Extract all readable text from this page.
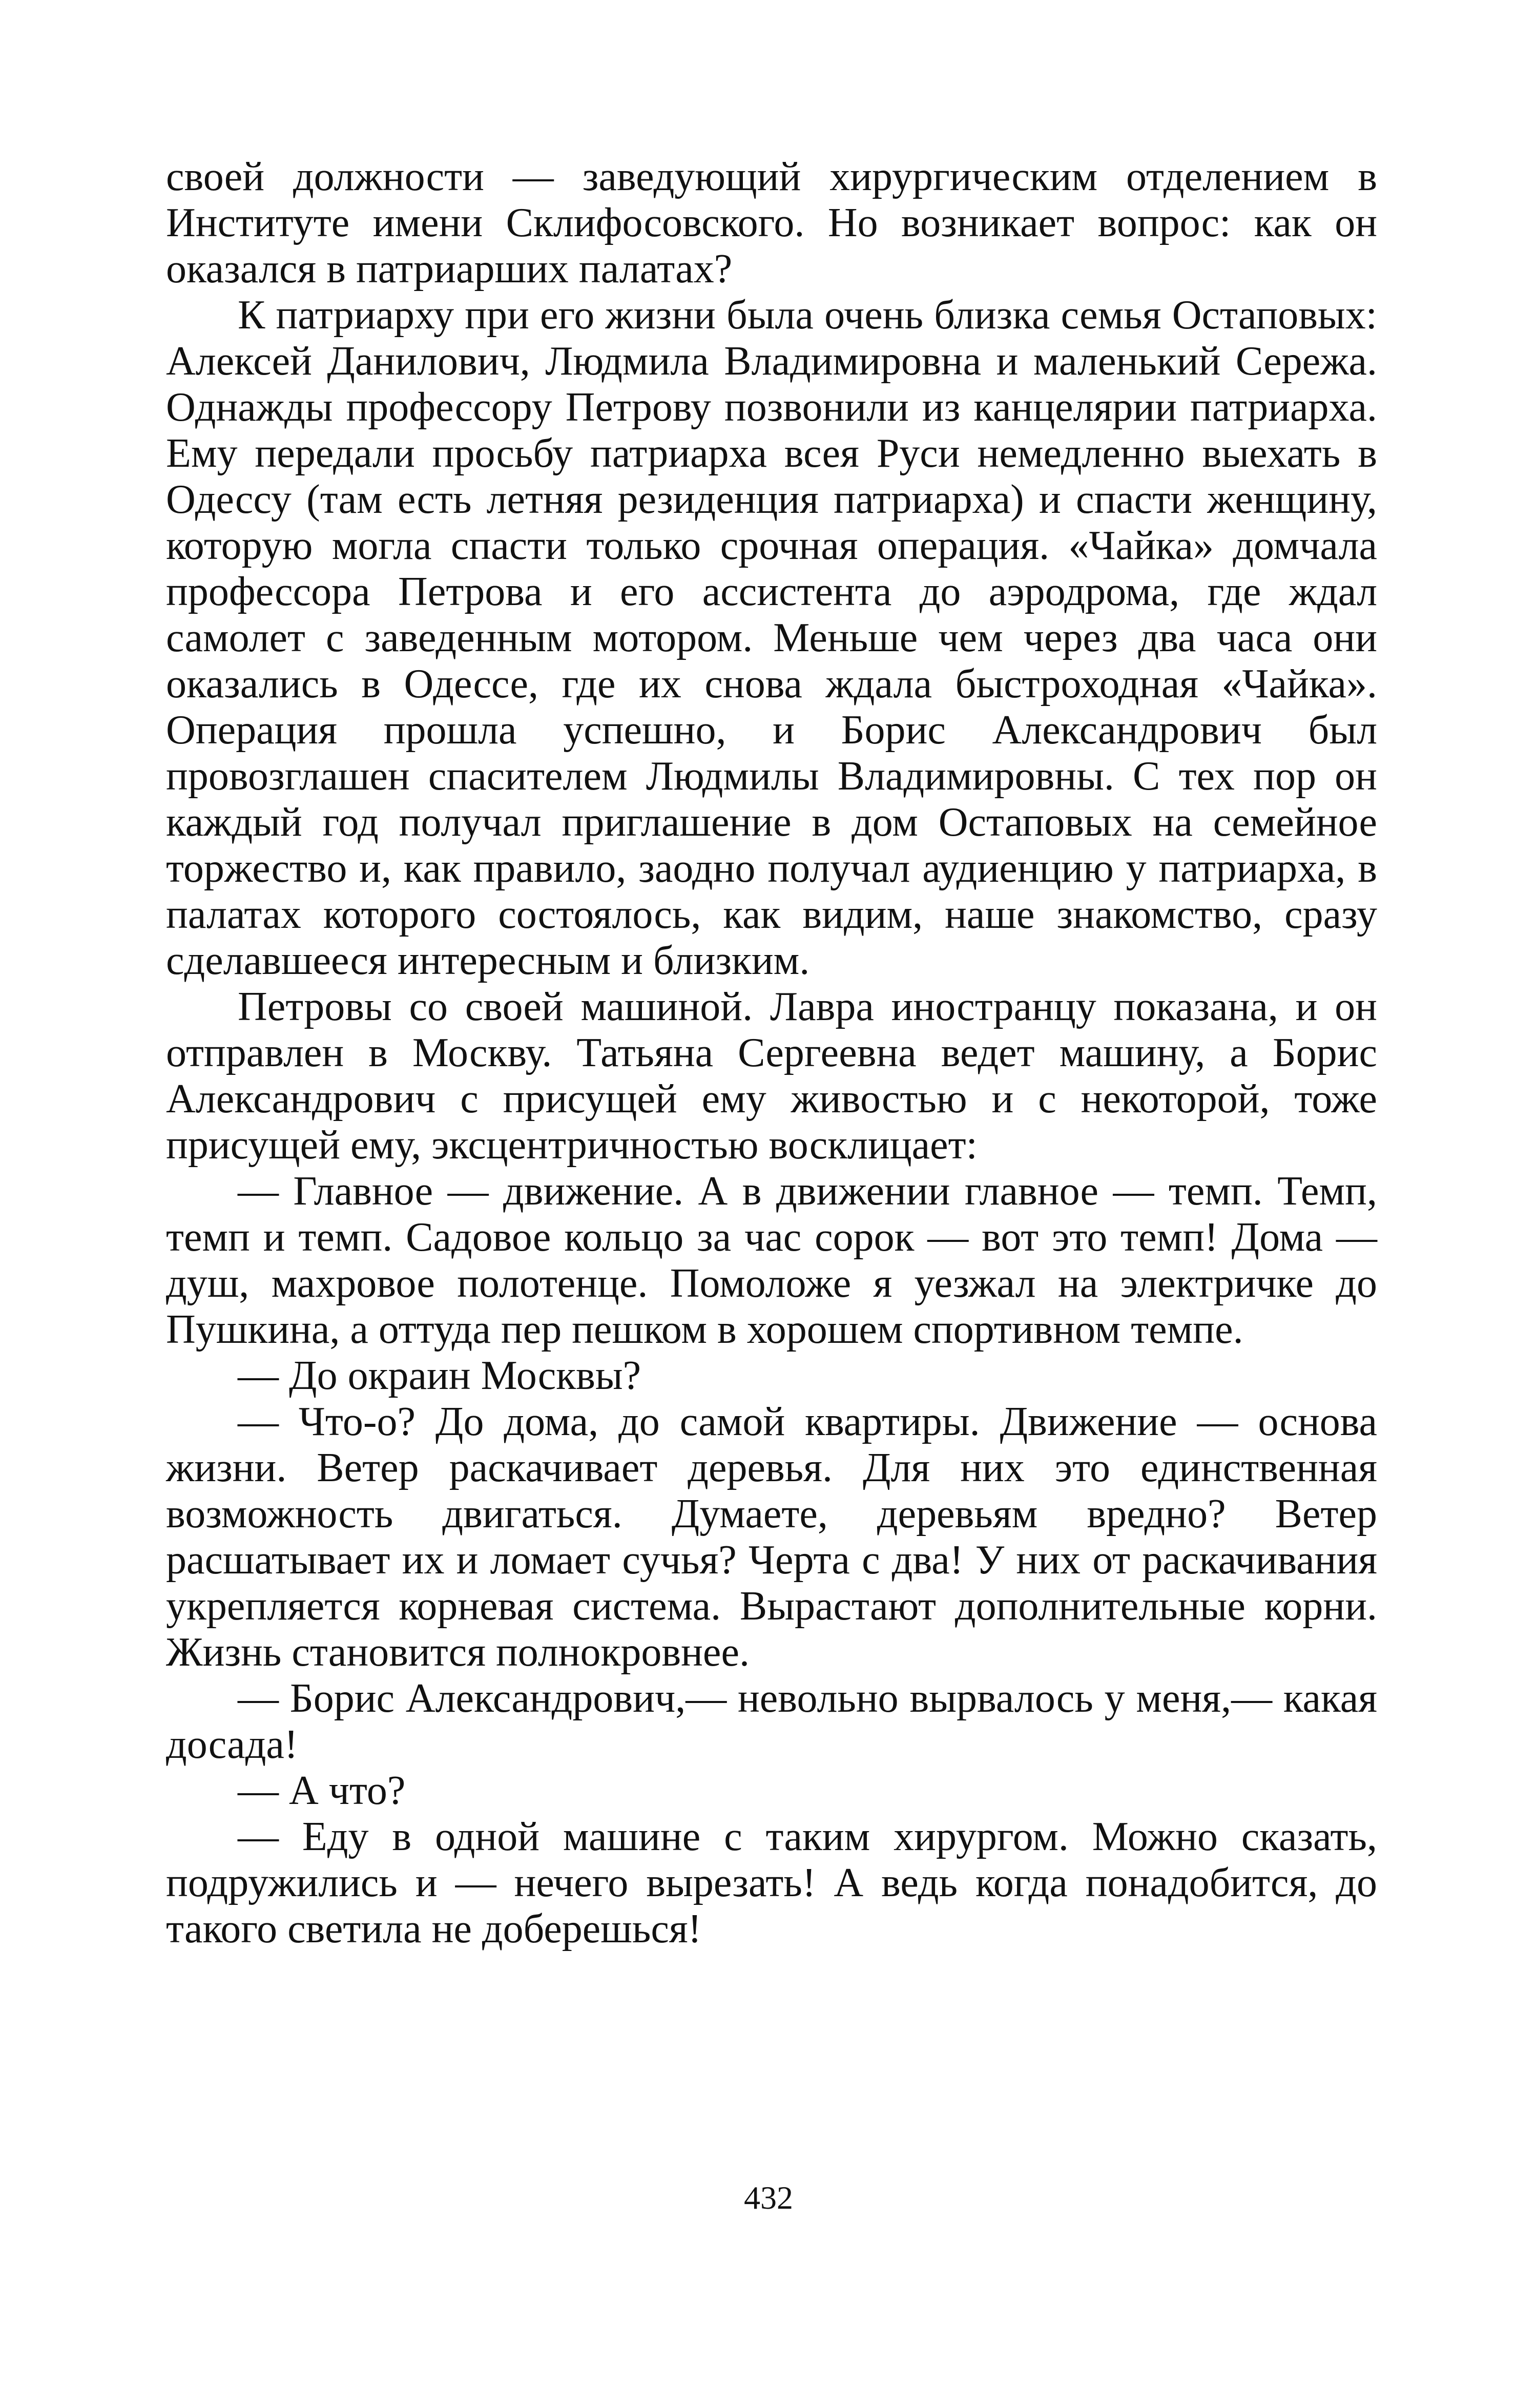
своей должности — заведующий хирургическим отделением в Институте имени Склифосовского. Но возникает вопрос: как он оказался в патриарших палатах?

К патриарху при его жизни была очень близка семья Остаповых: Алексей Данилович, Людмила Владимировна и маленький Сережа. Однажды профессору Петрову позвонили из канцелярии патриарха. Ему передали просьбу патриарха всея Руси немедленно выехать в Одессу (там есть летняя резиденция патриарха) и спасти женщину, которую могла спасти только срочная операция. «Чайка» домчала профессора Петрова и его ассистента до аэродрома, где ждал самолет с заведенным мотором. Меньше чем через два часа они оказались в Одессе, где их снова ждала быстроходная «Чайка». Операция прошла успешно, и Борис Александрович был провозглашен спасителем Людмилы Владимировны. С тех пор он каждый год получал приглашение в дом Остаповых на семейное торжество и, как правило, заодно получал аудиенцию у патриарха, в палатах которого состоялось, как видим, наше знакомство, сразу сделавшееся интересным и близким.

Петровы со своей машиной. Лавра иностранцу показана, и он отправлен в Москву. Татьяна Сергеевна ведет машину, а Борис Александрович с присущей ему живостью и с некоторой, тоже присущей ему, эксцентричностью восклицает:

— Главное — движение. А в движении главное — темп. Темп, темп и темп. Садовое кольцо за час сорок — вот это темп! Дома — душ, махровое полотенце. Помоложе я уезжал на электричке до Пушкина, а оттуда пер пешком в хорошем спортивном темпе.

— До окраин Москвы?

— Что-о? До дома, до самой квартиры. Движение — основа жизни. Ветер раскачивает деревья. Для них это единственная возможность двигаться. Думаете, деревьям вредно? Ветер расшатывает их и ломает сучья? Черта с два! У них от раскачивания укрепляется корневая система. Вырастают дополнительные корни. Жизнь становится полнокровнее.

— Борис Александрович,— невольно вырвалось у меня,— какая досада!

— А что?

— Еду в одной машине с таким хирургом. Можно сказать, подружились и — нечего вырезать! А ведь когда понадобится, до такого светила не доберешься!

432
